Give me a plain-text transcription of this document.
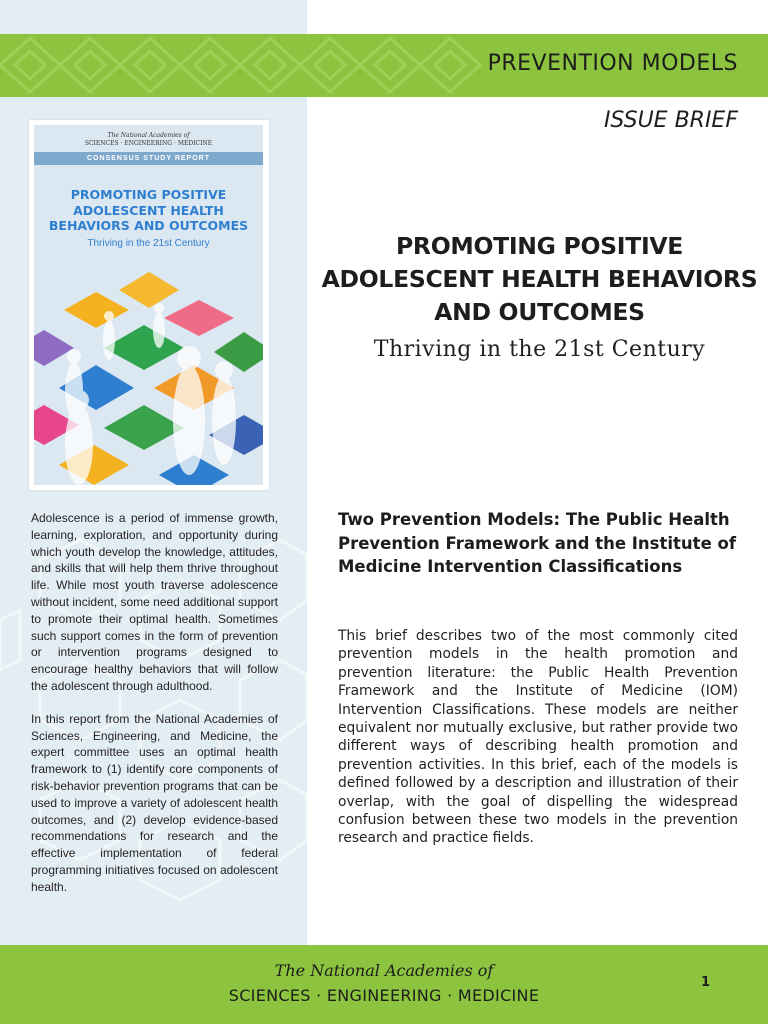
PREVENTION MODELS
ISSUE BRIEF
The National Academies of
SCIENCES · ENGINEERING · MEDICINE
CONSENSUS STUDY REPORT
PROMOTING POSITIVE ADOLESCENT HEALTH BEHAVIORS AND OUTCOMES
Thriving in the 21st Century

Adolescence is a period of immense growth, learning, exploration, and opportunity during which youth develop the knowledge, attitudes, and skills that will help them thrive throughout life. While most youth traverse adolescence without incident, some need additional support to promote their optimal health. Sometimes such support comes in the form of prevention or intervention programs designed to encourage healthy behaviors that will follow the adolescent through adulthood.

In this report from the National Academies of Sciences, Engineering, and Medicine, the expert committee uses an optimal health framework to (1) identify core components of risk-behavior prevention programs that can be used to improve a variety of adolescent health outcomes, and (2) develop evidence-based recommendations for research and the effective implementation of federal programming initiatives focused on adolescent health.

PROMOTING POSITIVE ADOLESCENT HEALTH BEHAVIORS AND OUTCOMES
Thriving in the 21st Century
Two Prevention Models: The Public Health Prevention Framework and the Institute of Medicine Intervention Classifications
This brief describes two of the most commonly cited prevention models in the health promotion and prevention literature: the Public Health Prevention Framework and the Institute of Medicine (IOM) Intervention Classifications. These models are neither equivalent nor mutually exclusive, but rather provide two different ways of describing health promotion and prevention activities. In this brief, each of the models is defined followed by a description and illustration of their overlap, with the goal of dispelling the widespread confusion between these two models in the prevention research and practice fields.
The National Academies of
SCIENCES · ENGINEERING · MEDICINE
1
